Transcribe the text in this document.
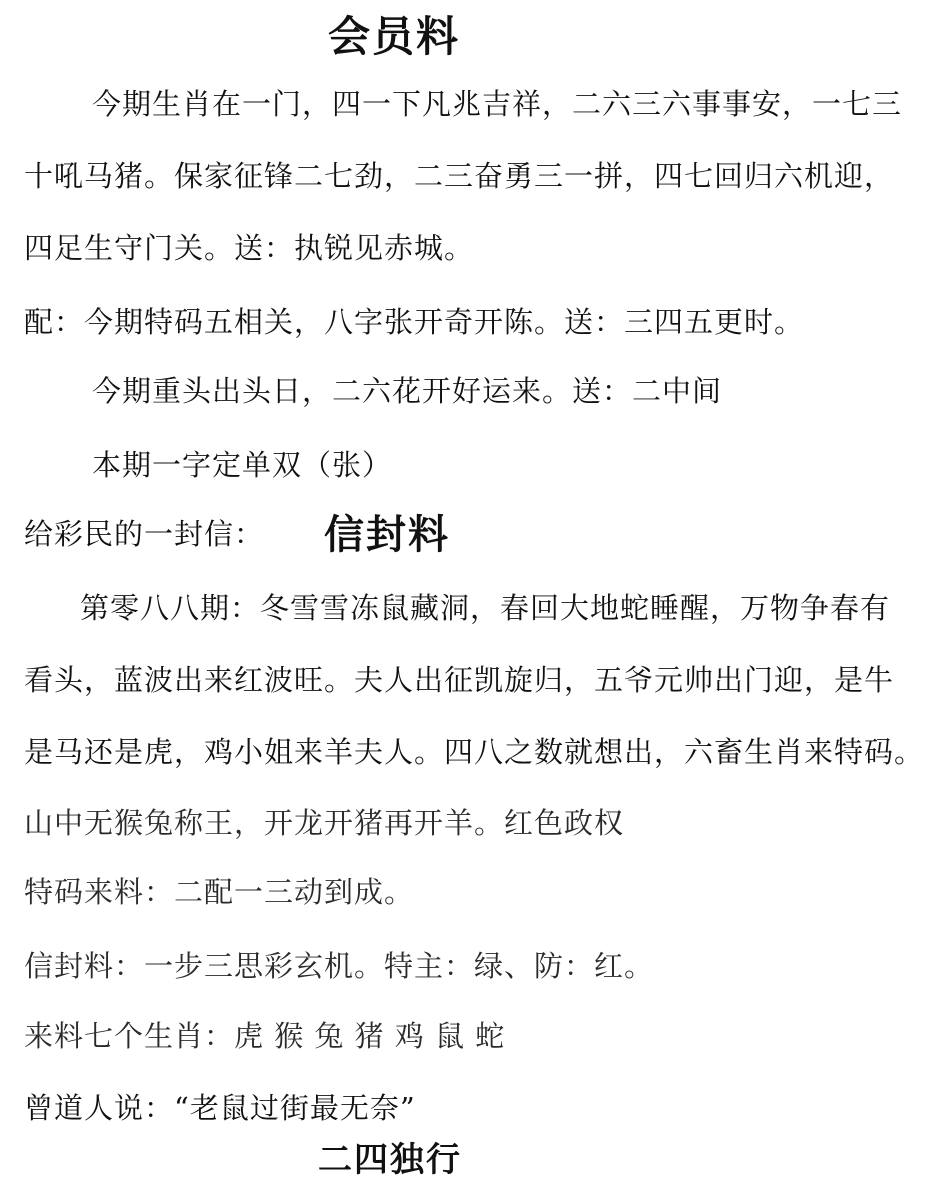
会员料
今期生肖在一门，四一下凡兆吉祥，二六三六事事安，一七三
十吼马猪。保家征锋二七劲，二三奋勇三一拼，四七回归六机迎，
四足生守门关。送：执锐见赤城。
配：今期特码五相关，八字张开奇开陈。送：三四五更时。
今期重头出头日，二六花开好运来。送：二中间
本期一字定单双（张）
给彩民的一封信： 信封料
第零八八期：冬雪雪冻鼠藏洞，春回大地蛇睡醒，万物争春有
看头，蓝波出来红波旺。夫人出征凯旋归，五爷元帅出门迎，是牛
是马还是虎，鸡小姐来羊夫人。四八之数就想出，六畜生肖来特码。
山中无猴兔称王，开龙开猪再开羊。红色政权
特码来料：二配一三动到成。
信封料：一步三思彩玄机。特主：绿、防：红。
来料七个生肖：虎 猴 兔 猪 鸡 鼠 蛇
曾道人说：“老鼠过街最无奈”
二四独行
